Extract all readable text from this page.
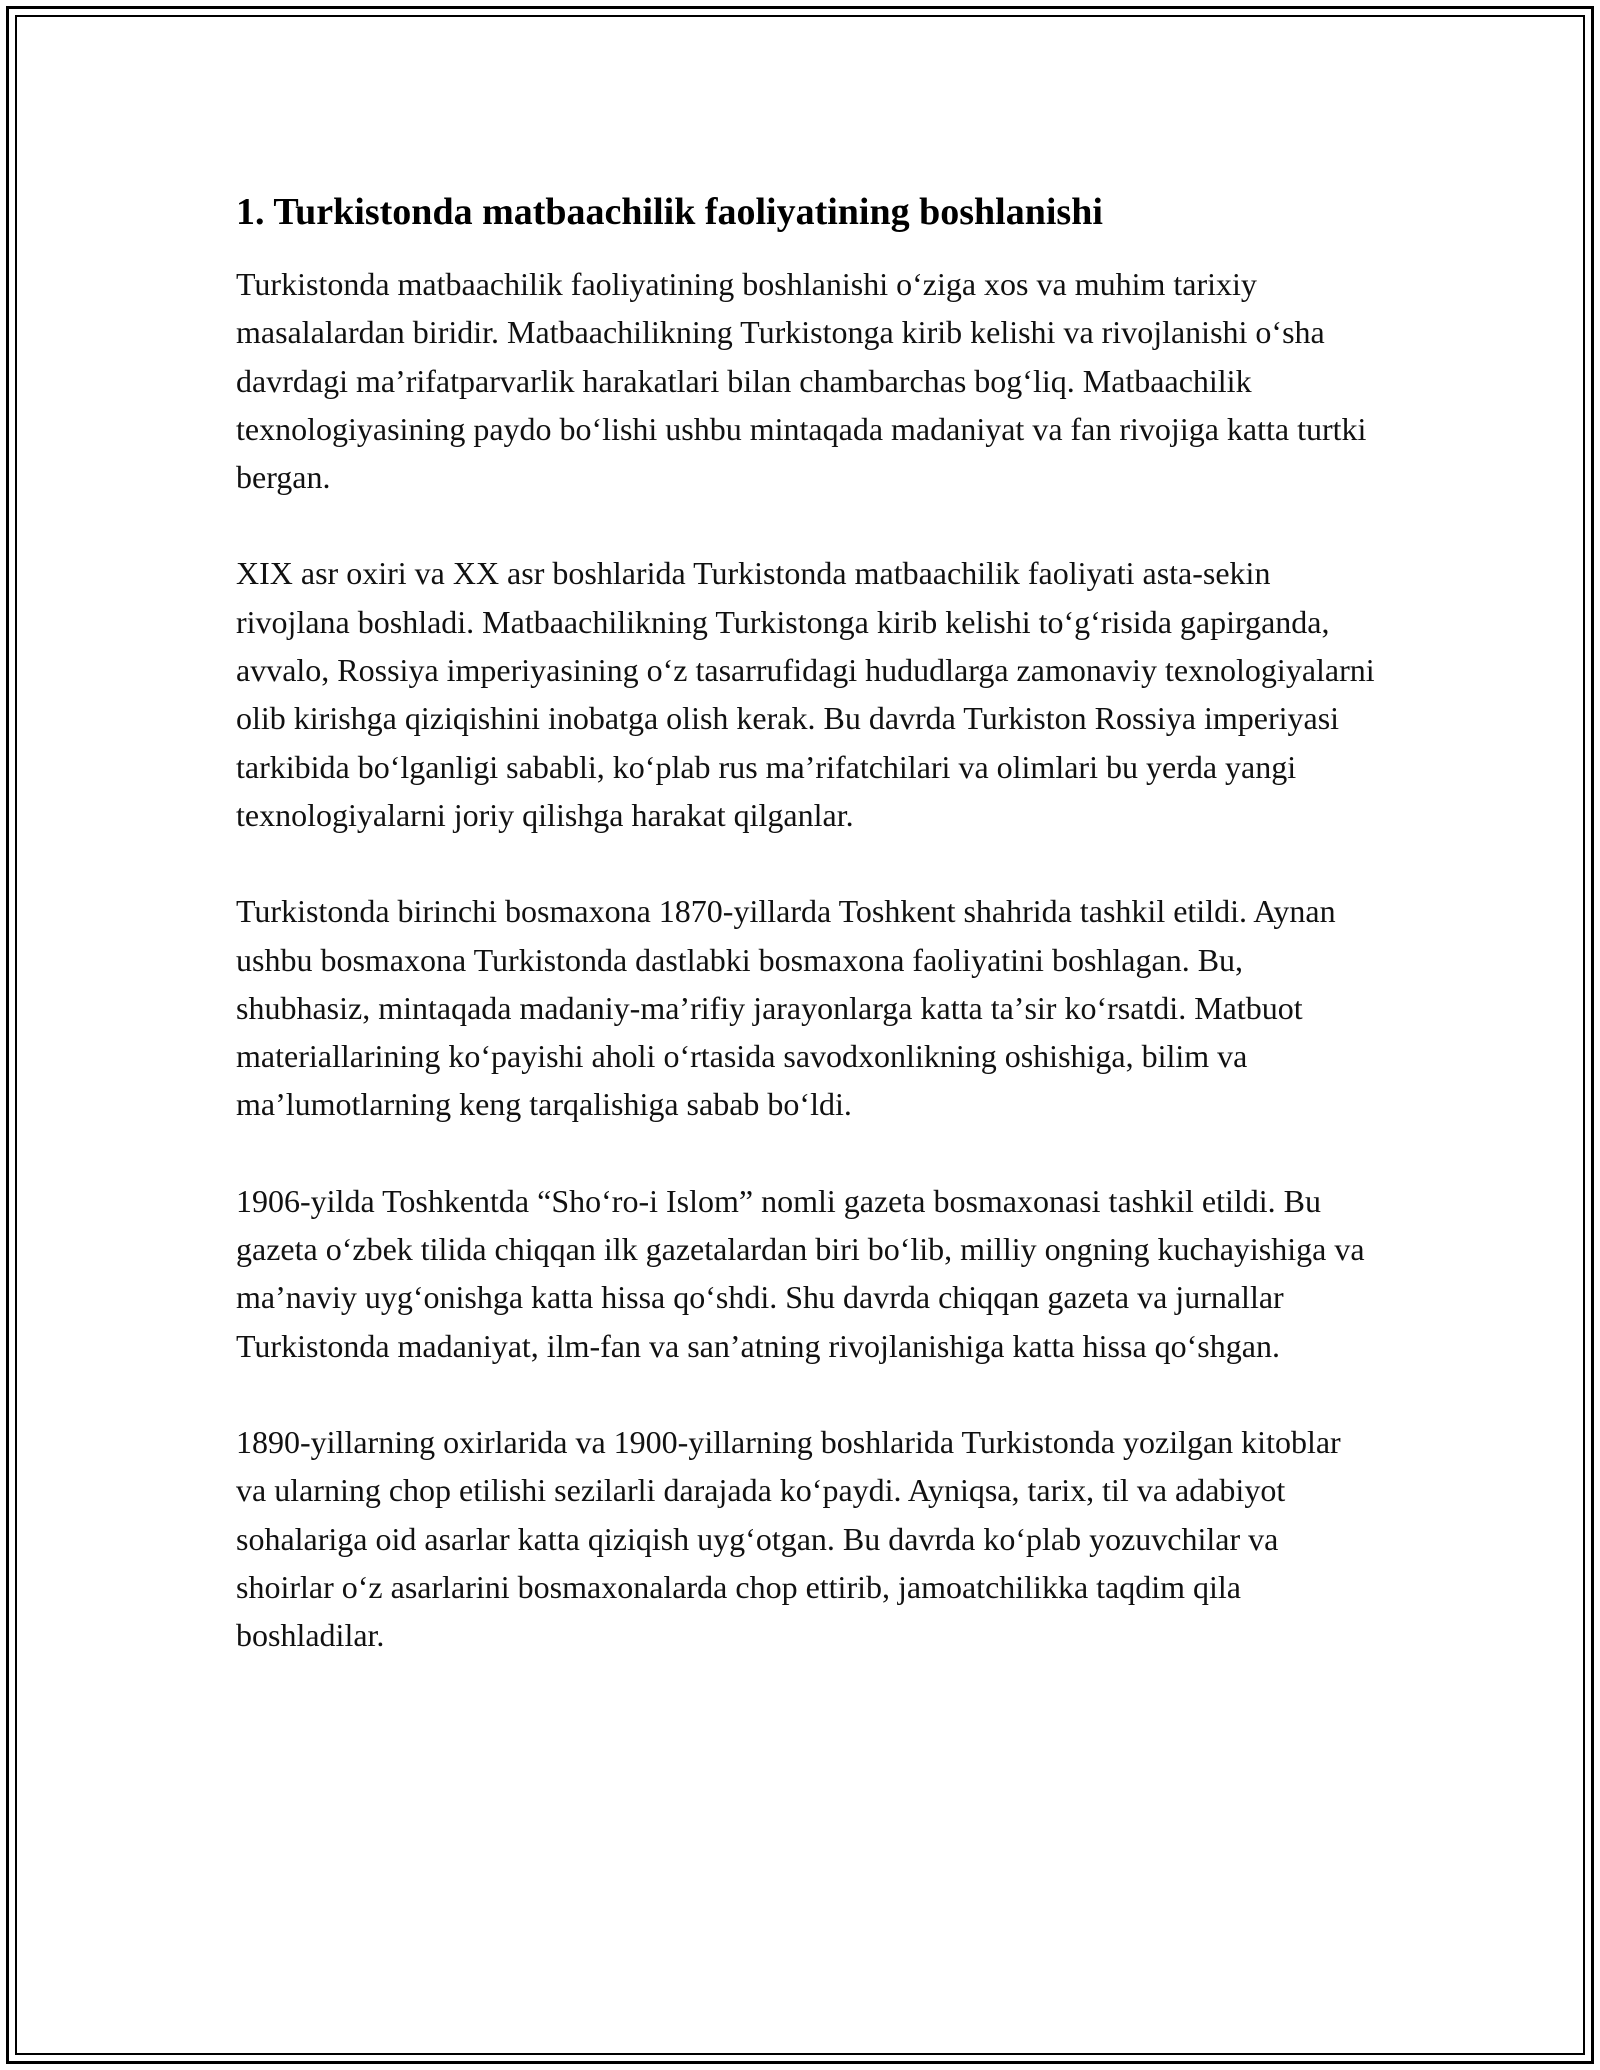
1. Turkistonda matbaachilik faoliyatining boshlanishi

Turkistonda matbaachilik faoliyatining boshlanishi oʻziga xos va muhim tarixiy masalalardan biridir. Matbaachilikning Turkistonga kirib kelishi va rivojlanishi oʻsha davrdagi maʼrifatparvarlik harakatlari bilan chambarchas bogʻliq. Matbaachilik texnologiyasining paydo boʻlishi ushbu mintaqada madaniyat va fan rivojiga katta turtki bergan.

XIX asr oxiri va XX asr boshlarida Turkistonda matbaachilik faoliyati asta-sekin rivojlana boshladi. Matbaachilikning Turkistonga kirib kelishi toʻgʻrisida gapirganda, avvalo, Rossiya imperiyasining oʻz tasarrufidagi hududlarga zamonaviy texnologiyalarni olib kirishga qiziqishini inobatga olish kerak. Bu davrda Turkiston Rossiya imperiyasi tarkibida boʻlganligi sababli, koʻplab rus maʼrifatchilari va olimlari bu yerda yangi texnologiyalarni joriy qilishga harakat qilganlar.

Turkistonda birinchi bosmaxona 1870-yillarda Toshkent shahrida tashkil etildi. Aynan ushbu bosmaxona Turkistonda dastlabki bosmaxona faoliyatini boshlagan. Bu, shubhasiz, mintaqada madaniy-maʼrifiy jarayonlarga katta taʼsir koʻrsatdi. Matbuot materiallarining koʻpayishi aholi oʻrtasida savodxonlikning oshishiga, bilim va maʼlumotlarning keng tarqalishiga sabab boʻldi.

1906-yilda Toshkentda “Shoʻro-i Islom” nomli gazeta bosmaxonasi tashkil etildi. Bu gazeta oʻzbek tilida chiqqan ilk gazetalardan biri boʻlib, milliy ongning kuchayishiga va maʼnaviy uygʻonishga katta hissa qoʻshdi. Shu davrda chiqqan gazeta va jurnallar Turkistonda madaniyat, ilm-fan va sanʼatning rivojlanishiga katta hissa qoʻshgan.

1890-yillarning oxirlarida va 1900-yillarning boshlarida Turkistonda yozilgan kitoblar va ularning chop etilishi sezilarli darajada koʻpaydi. Ayniqsa, tarix, til va adabiyot sohalariga oid asarlar katta qiziqish uygʻotgan. Bu davrda koʻplab yozuvchilar va shoirlar oʻz asarlarini bosmaxonalarda chop ettirib, jamoatchilikka taqdim qila boshladilar.
